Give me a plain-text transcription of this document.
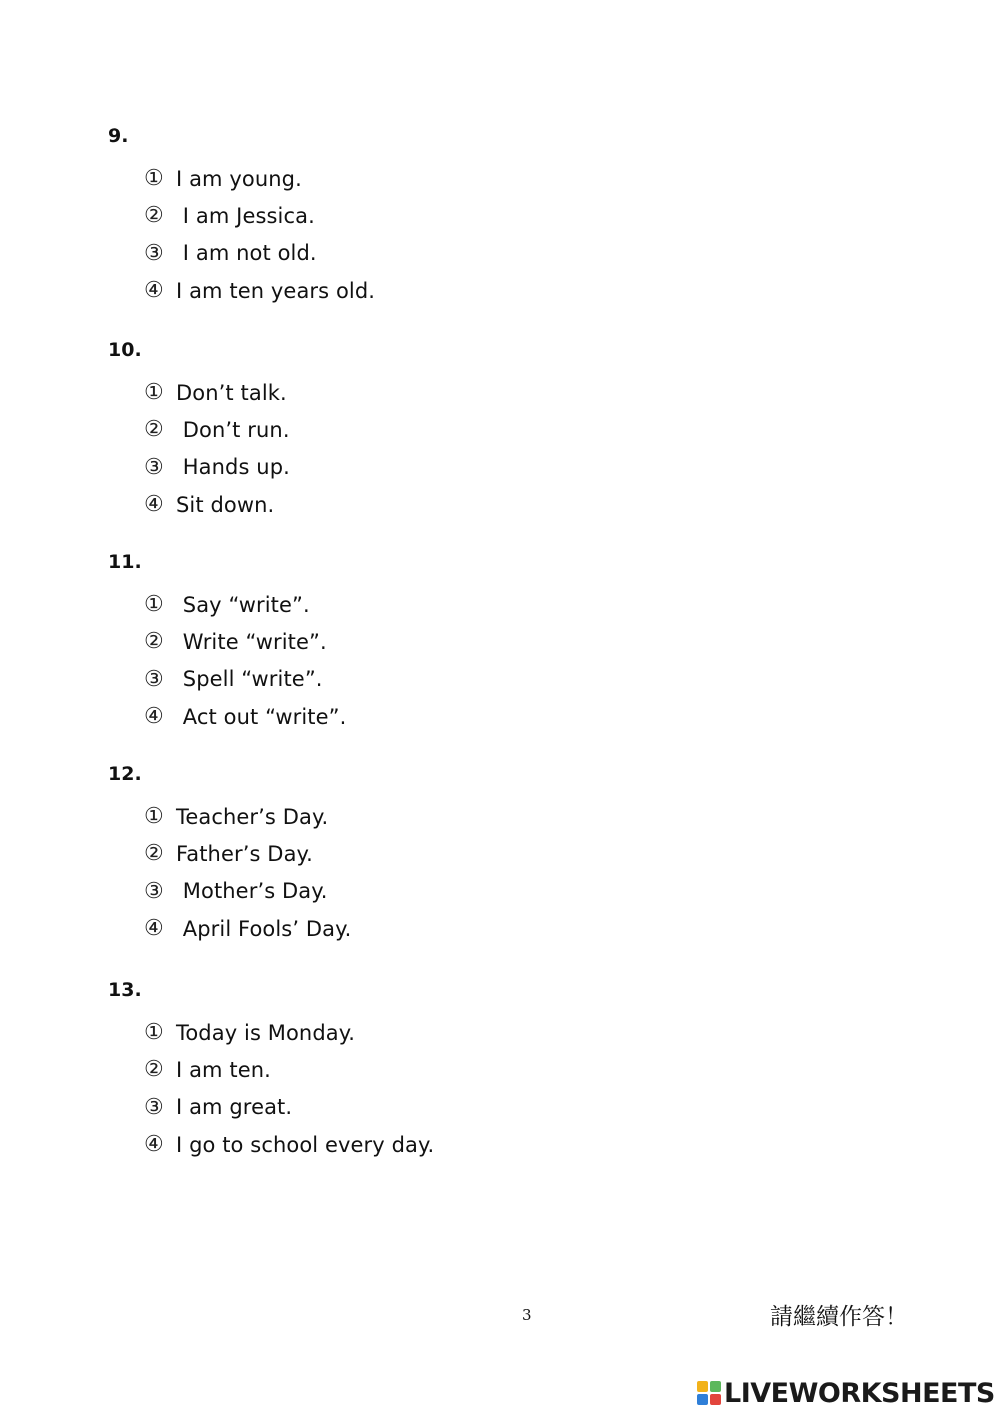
9.
① I am young.
② I am Jessica.
③ I am not old.
④ I am ten years old.
10.
① Don’t talk.
② Don’t run.
③ Hands up.
④ Sit down.
11.
① Say “write”.
② Write “write”.
③ Spell “write”.
④ Act out “write”.
12.
① Teacher’s Day.
② Father’s Day.
③ Mother’s Day.
④ April Fools’ Day.
13.
① Today is Monday.
② I am ten.
③ I am great.
④ I go to school every day.
3	請繼續作答！
LIVEWORKSHEETS
